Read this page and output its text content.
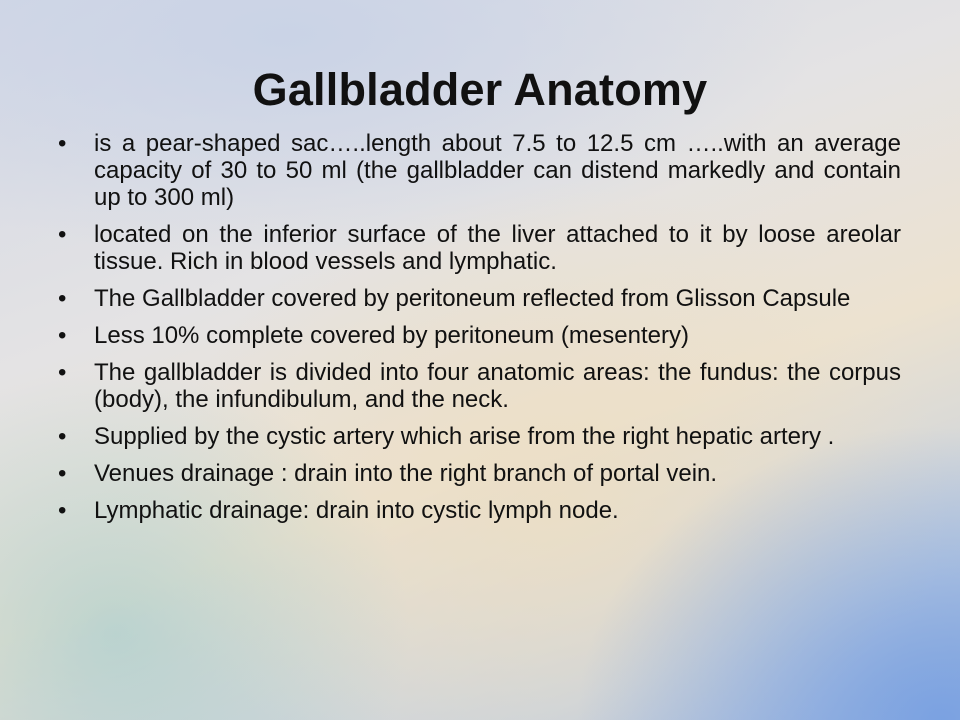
Gallbladder Anatomy
• is a pear-shaped sac…..length about 7.5 to 12.5 cm …..with an average capacity of 30 to 50 ml (the gallbladder can distend markedly and contain up to 300 ml)
• located on the inferior surface of the liver attached to it by loose areolar tissue. Rich in blood vessels and lymphatic.
• The Gallbladder covered by peritoneum reflected from Glisson Capsule
• Less 10% complete covered by peritoneum (mesentery)
• The gallbladder is divided into four anatomic areas: the fundus: the corpus (body), the infundibulum, and the neck.
• Supplied by the cystic artery which arise from the right hepatic artery .
• Venues drainage : drain into the right branch of portal vein.
• Lymphatic drainage: drain into cystic lymph node.
